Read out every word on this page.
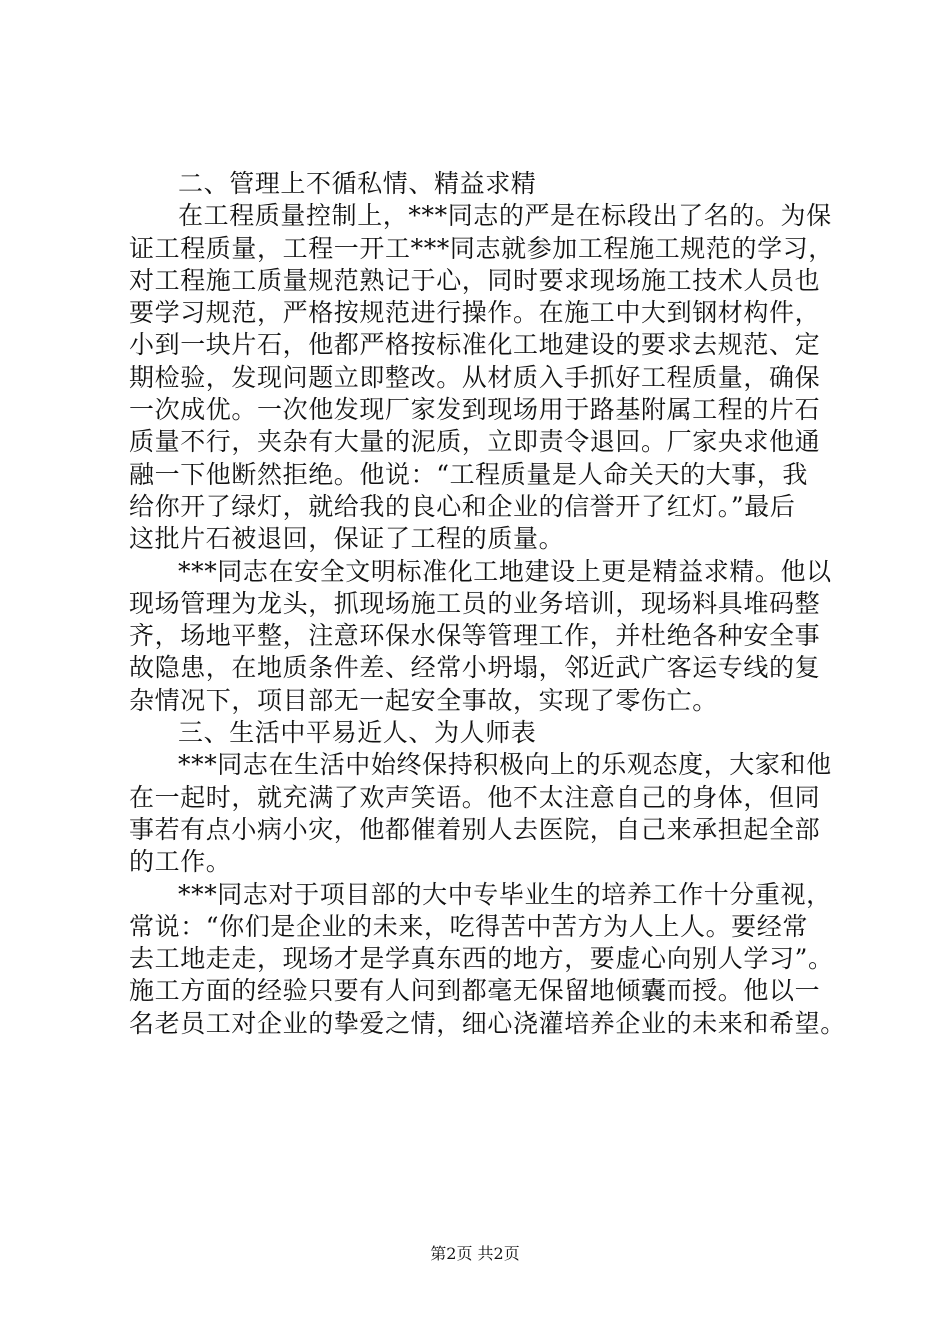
二、管理上不循私情、精益求精
在工程质量控制上，***同志的严是在标段出了名的。为保
证工程质量，工程一开工***同志就参加工程施工规范的学习，
对工程施工质量规范熟记于心，同时要求现场施工技术人员也
要学习规范，严格按规范进行操作。在施工中大到钢材构件，
小到一块片石，他都严格按标准化工地建设的要求去规范、定
期检验，发现问题立即整改。从材质入手抓好工程质量，确保
一次成优。一次他发现厂家发到现场用于路基附属工程的片石
质量不行，夹杂有大量的泥质，立即责令退回。厂家央求他通
融一下他断然拒绝。他说：“工程质量是人命关天的大事，我
给你开了绿灯，就给我的良心和企业的信誉开了红灯。”最后
这批片石被退回，保证了工程的质量。
***同志在安全文明标准化工地建设上更是精益求精。他以
现场管理为龙头，抓现场施工员的业务培训，现场料具堆码整
齐，场地平整，注意环保水保等管理工作，并杜绝各种安全事
故隐患，在地质条件差、经常小坍塌，邻近武广客运专线的复
杂情况下，项目部无一起安全事故，实现了零伤亡。
三、生活中平易近人、为人师表
***同志在生活中始终保持积极向上的乐观态度，大家和他
在一起时，就充满了欢声笑语。他不太注意自己的身体，但同
事若有点小病小灾，他都催着别人去医院，自己来承担起全部
的工作。
***同志对于项目部的大中专毕业生的培养工作十分重视，
常说：“你们是企业的未来，吃得苦中苦方为人上人。要经常
去工地走走，现场才是学真东西的地方，要虚心向别人学习”。
施工方面的经验只要有人问到都毫无保留地倾囊而授。他以一
名老员工对企业的挚爱之情，细心浇灌培养企业的未来和希望。
第2页 共2页
